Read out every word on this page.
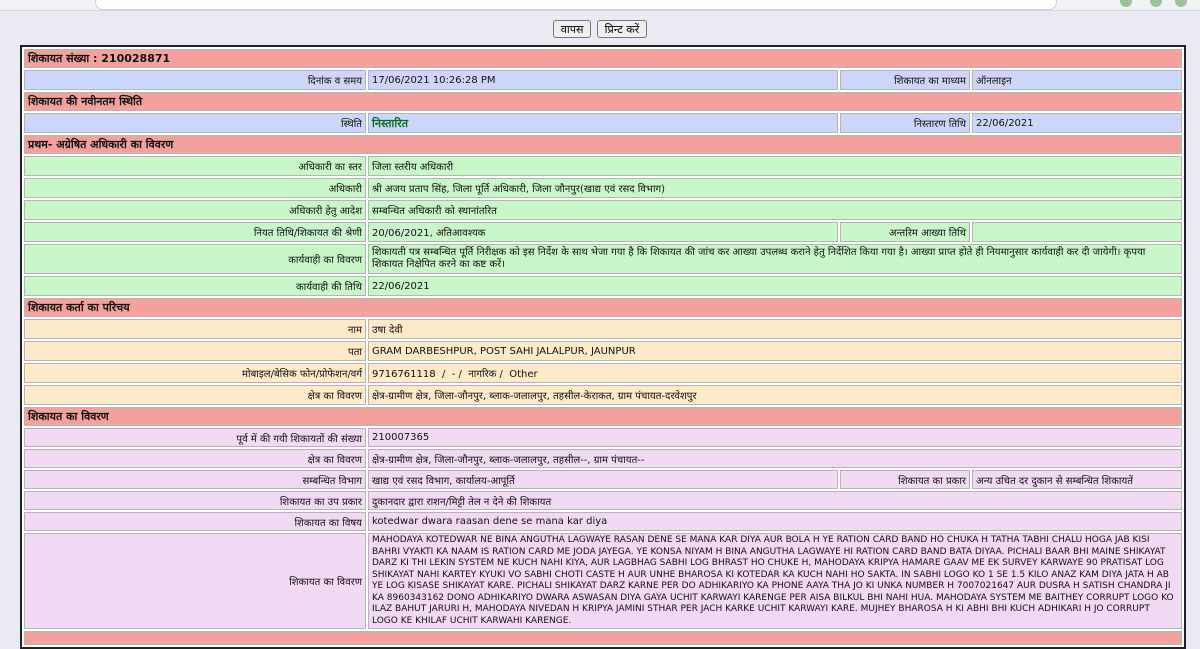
वापस प्रिन्ट करें
शिकायत संख्या : 210028871			
दिनांक व समय	17/06/2021 10:26:28 PM	शिकायत का माध्यम	ऑनलाइन
शिकायत की नवीनतम स्थिति			
स्थिति	निस्तारित	निस्तारण तिथि	22/06/2021
प्रथम- अग्रेषित अधिकारी का विवरण			
अधिकारी का स्तर	जिला स्तरीय अधिकारी		
अधिकारी	श्री अजय प्रताप सिंह, जिला पूर्ति अधिकारी, जिला जौनपुर(खाद्य एवं रसद विभाग)		
अधिकारी हेतु आदेश	सम्बन्धित अधिकारी को स्थानांतरित		
नियत तिथि/शिकायत की श्रेणी	20/06/2021, अतिआवश्यक	अन्तरिम आख्या तिथि	
कार्यवाही का विवरण	शिकायती पत्र सम्बन्धित पूर्ति निरीक्षक को इस निर्देश के साथ भेजा गया है कि शिकायत की जांच कर आख्या उपलब्ध कराने हेतु निर्देशित किया गया है। आख्या प्राप्त होते ही नियमानुसार कार्यवाही कर दी जायेगी। कृपया शिकायत निक्षेपित करने का कष्ट करें।		
कार्यवाही की तिथि	22/06/2021		
शिकायत कर्ता का परिचय			
नाम	उषा देवी		
पता	GRAM DARBESHPUR, POST SAHI JALALPUR, JAUNPUR		
मोबाइल/बेसिक फोन/प्रोफेशन/वर्ग	9716761118  /  - /  नागरिक /  Other		
क्षेत्र का विवरण	क्षेत्र-ग्रामीण क्षेत्र, जिला-जौनपुर, ब्लाक-जलालपुर, तहसील-केराकत, ग्राम पंचायत-दरवेशपुर		
शिकायत का विवरण			
पूर्व में की गयी शिकायतों की संख्या	210007365		
क्षेत्र का विवरण	क्षेत्र-ग्रामीण क्षेत्र, जिला-जौनपुर, ब्लाक-जलालपुर, तहसील--, ग्राम पंचायत--		
सम्बन्धित विभाग	खाद्य एवं रसद विभाग, कार्यालय-आपूर्ति	शिकायत का प्रकार	अन्य उचित दर दुकान से सम्बन्धित शिकायतें
शिकायत का उप प्रकार	दुकानदार द्वारा राशन/मिट्टी तेल न देने की शिकायत		
शिकायत का विषय	kotedwar dwara raasan dene se mana kar diya		
शिकायत का विवरण	MAHODAYA KOTEDWAR NE BINA ANGUTHA LAGWAYE RASAN DENE SE MANA KAR DIYA AUR BOLA H YE RATION CARD BAND HO CHUKA H TATHA TABHI CHALU HOGA JAB KISI BAHRI VYAKTI KA NAAM IS RATION CARD ME JODA JAYEGA. YE KONSA NIYAM H BINA ANGUTHA LAGWAYE HI RATION CARD BAND BATA DIYAA. PICHALI BAAR BHI MAINE SHIKAYAT DARZ KI THI LEKIN SYSTEM NE KUCH NAHI KIYA, AUR LAGBHAG SABHI LOG BHRAST HO CHUKE H, MAHODAYA KRIPYA HAMARE GAAV ME EK SURVEY KARWAYE 90 PRATISAT LOG SHIKAYAT NAHI KARTEY KYUKI VO SABHI CHOTI CASTE H AUR UNHE BHAROSA KI KOTEDAR KA KUCH NAHI HO SAKTA. IN SABHI LOGO KO 1 SE 1.5 KILO ANAZ KAM DIYA JATA H AB YE LOG KISASE SHIKAYAT KARE. PICHALI SHIKAYAT DARZ KARNE PER DO ADHIKARIYO KA PHONE AAYA THA JO KI UNKA NUMBER H 7007021647 AUR DUSRA H SATISH CHANDRA JI KA 8960343162 DONO ADHIKARIYO DWARA ASWASAN DIYA GAYA UCHIT KARWAYI KARENGE PER AISA BILKUL BHI NAHI HUA. MAHODAYA SYSTEM ME BAITHEY CORRUPT LOGO KO ILAZ BAHUT JARURI H, MAHODAYA NIVEDAN H KRIPYA JAMINI STHAR PER JACH KARKE UCHIT KARWAYI KARE. MUJHEY BHAROSA H KI ABHI BHI KUCH ADHIKARI H JO CORRUPT LOGO KE KHILAF UCHIT KARWAHI KARENGE.		
